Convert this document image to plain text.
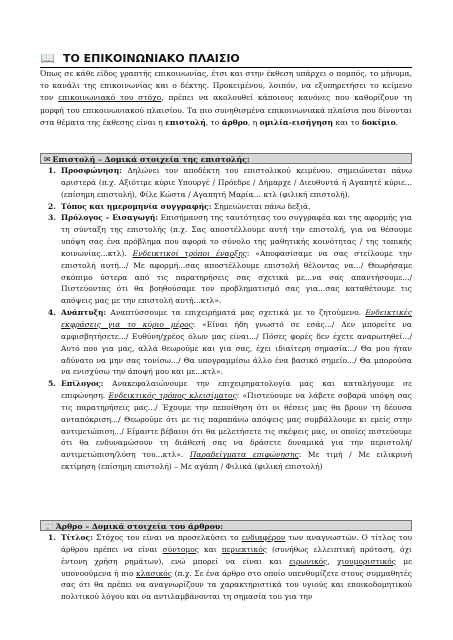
📖 ΤΟ ΕΠΙΚΟΙΝΩΝΙΑΚΟ ΠΛΑΙΣΙΟ
Όπως σε κάθε είδος γραπτής επικοινωνίας, έτσι και στην έκθεση υπάρχει ο πομπός, το μήνυμα, το κανάλι της επικοινωνίας και ο δέκτης. Προκειμένου, λοιπόν, να εξυπηρετήσει το κείμενο τον επικοινωνιακό του στόχο, πρέπει να ακολουθεί κάποιους κανόνες που καθορίζουν τη μορφή του επικοινωνιακού πλαισίου. Τα πιο συνηθισμένα επικοινωνιακά πλαίσια που δίνονται στα θέματα της έκθεσης είναι η επιστολή, το άρθρο, η ομιλία-εισήγηση και το δοκίμιο.
✉ Επιστολή – Δομικά στοιχεία της επιστολής:
1. Προσφώνηση: Δηλώνει τον αποδέκτη του επιστολικού κειμένου. σημειώνεται πάνω αριστερά (π.χ. Αξιότιμε κύριε Υπουργέ / Πρόεδρε / Δήμαρχε / Διευθυντά ή Αγαπητέ κύριε... (επίσημη επιστολή), Φίλε Κώστα / Αγαπητή Μαρία… κτλ (φιλική επιστολή).
2. Τόπος και ημερομηνία συγγραφής: Σημειώνεται πάνω δεξιά.
3. Πρόλογος – Εισαγωγή: Επισήμανση της ταυτότητας του συγγραφέα και της αφορμής για τη σύνταξη της επιστολής (π.χ. Σας αποστέλλουμε αυτή την επιστολή, για να θέσουμε υπόψη σας ένα πρόβλημα που αφορά το σύνολο της μαθητικής κοινότητας / της τοπικής κοινωνίας...κτλ). Ενδεικτικοί τρόποι έναρξης: «Αποφασίσαμε να σας στείλουμε την επιστολή αυτή.../ Με αφορμή...σας αποστέλλουμε επιστολή θέλοντας να.../ Θεωρήσαμε σκόπιμο ύστερα από τις παρατηρήσεις σας σχετικά με...να σας απαντήσουμε.../ Πιστεύοντας ότι θα βοηθούσαμε τον προβληματισμό σας για...σας καταθέτουμε τις απόψεις μας με την επιστολή αυτή...κτλ».
4. Ανάπτυξη: Αναπτύσσουμε τα επιχειρήματά μας σχετικά με το ζητούμενο. Ενδεικτικές εκφράσεις για το κύριο μέρος: «Είναι ήδη γνωστό σε εσάς.../ Δεν μπορείτε να αμφισβητήσετε.../ Ευθύνη/χρέος όλων μας είναι.../ Πόσες φορές δεν έχετε αναρωτηθεί.../ Αυτό που για μας, αλλά θεωρούμε και για σας, έχει ιδιαίτερη σημασία.../ Θα μου ήταν αδύνατο να μην σας τονίσω.../ Θα υπογραμμίσω άλλο ένα βασικό σημείο.../ Θα μπορούσα να ενισχύσω την άποψή μου και με...κτλ».
5. Επίλογος: Ανακεφαλαιώνουμε την επιχειρηματολογία μας και καταλήγουμε σε επιφώνηση. Ενδεικτικός τρόπος κλεισίματος: «Πιστεύουμε να λάβετε σοβαρά υπόψη σας τις παρατηρήσεις μας.../ Έχουμε την πεποίθηση ότι οι θέσεις μας θα βρουν τη δέουσα ανταπόκριση.../ Θεωρούμε ότι με τις παραπάνω απόψεις μας συμβάλλουμε κι εμείς στην αντιμετώπιση.../ Είμαστε βέβαιοι ότι θα μελετήσετε τις σκέψεις μας, οι οποίες πιστεύουμε ότι θα ενδυναμώσουν τη διάθεσή σας να δράσετε δυναμικά για την περιστολή/αντιμετώπιση/λύση του...κτλ». Παραδείγματα επιφώνησης: Με τιμή / Με ειλικρινή εκτίμηση (επίσημη επιστολή) – Με αγάπη / Φιλικά (φιλική επιστολή)
📰 Άρθρο – Δομικά στοιχεία του άρθρου:
1. Τίτλος: Στόχος του είναι να προσελκύσει το ενδιαφέρον των αναγνωστών. Ο τίτλος του άρθρου πρέπει να είναι σύντομος και περιεκτικός (συνήθως ελλειπτική πρόταση, όχι έντονη χρήση ρημάτων), ενώ μπορεί να είναι και ειρωνικός, χιουμοριστικός με υπονοούμενα ή πιο κλασικός (π.χ. Σε ένα άρθρο στο οποίο υπενθυμίζετε στους συμμαθητές σας ότι θα πρέπει να αναγνωρίζουν τα χαρακτηριστικά του υγιούς και εποικοδομητικού πολιτικού λόγου και να αντιλαμβάνονται τη σημασία του για την
